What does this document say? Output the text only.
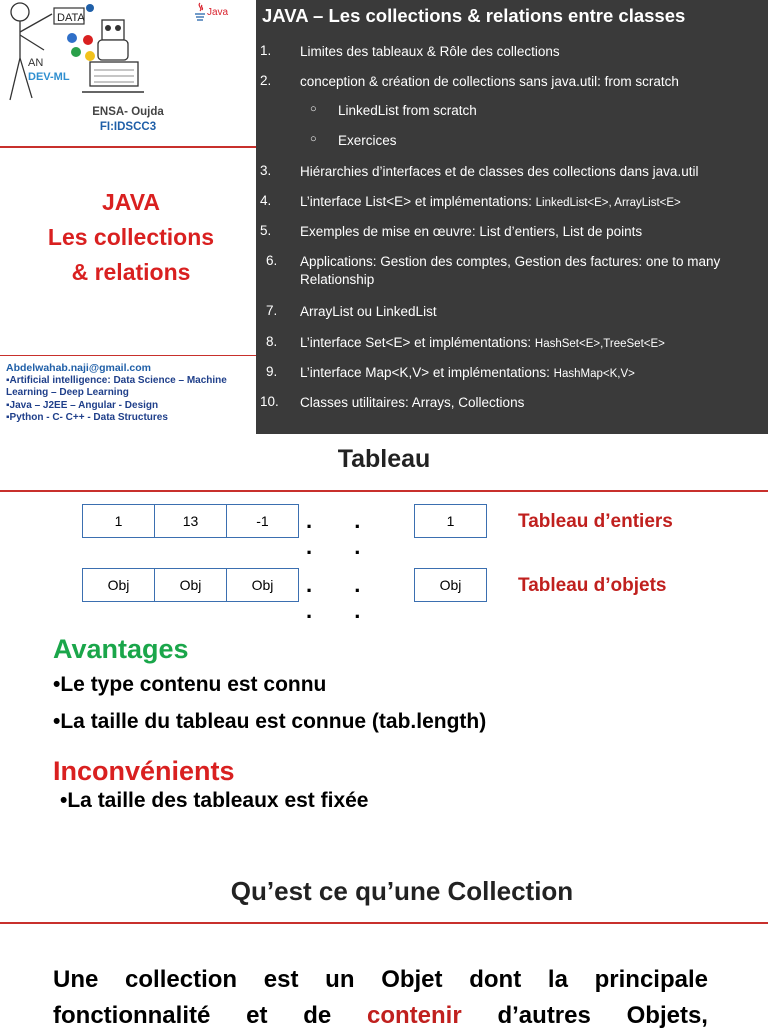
DATA
AN
DEV-ML
Java
ENSA- Oujda
FI:IDSCC3
JAVA
Les collections
& relations
Abdelwahab.naji@gmail.com
▪Artificial intelligence: Data Science – Machine
Learning – Deep Learning
▪Java – J2EE – Angular - Design
▪Python - C- C++ - Data Structures
JAVA – Les collections & relations entre classes
1.	Limites des tableaux & Rôle des collections
2.	conception & création de collections sans java.util: from scratch
○ LinkedList from scratch
○ Exercices
3.	Hiérarchies d’interfaces et de classes des collections dans java.util
4.	L’interface List<E> et implémentations: LinkedList<E>, ArrayList<E>
5.	Exemples de mise en œuvre: List d’entiers, List de points
6.	Applications: Gestion des comptes, Gestion des factures: one to many Relationship
7.	ArrayList ou LinkedList
8.	L’interface Set<E> et implémentations: HashSet<E>,TreeSet<E>
9.	L’interface Map<K,V> et implémentations: HashMap<K,V>
10.	Classes utilitaires: Arrays, Collections
Tableau
1	13	-1	. . . .
1	Tableau d’entiers
Obj	Obj	Obj	. . . .
Obj	Tableau d’objets
Avantages
•Le type contenu est connu
•La taille du tableau est connue (tab.length)
Inconvénients
•La taille des tableaux est fixée
Qu’est ce qu’une Collection
Une collection est un Objet dont la principale fonctionnalité et de contenir d’autres Objets,
